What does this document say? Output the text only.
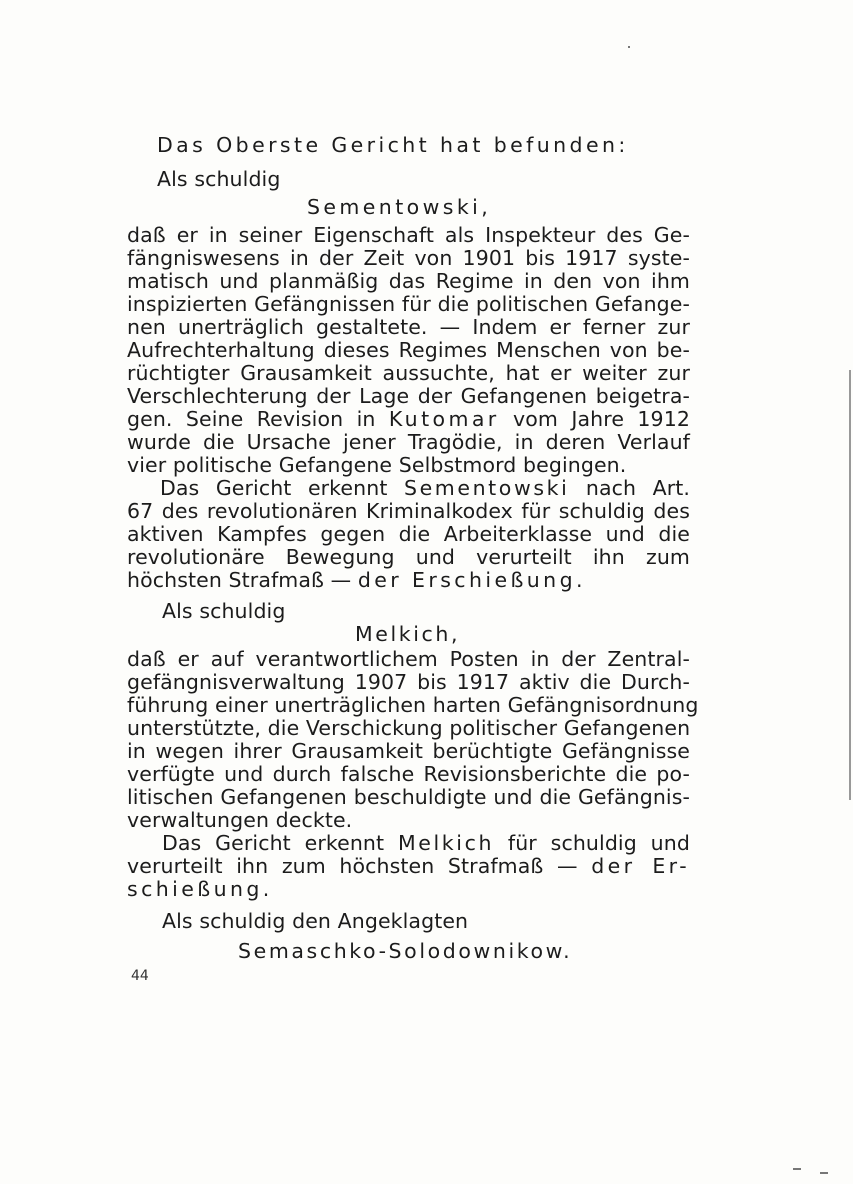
Das Oberste Gericht hat befunden:
Als schuldig
Sementowski,
daß er in seiner Eigenschaft als Inspekteur des Ge-
fängniswesens in der Zeit von 1901 bis 1917 syste-
matisch und planmäßig das Regime in den von ihm
inspizierten Gefängnissen für die politischen Gefange-
nen unerträglich gestaltete. — Indem er ferner zur
Aufrechterhaltung dieses Regimes Menschen von be-
rüchtigter Grausamkeit aussuchte, hat er weiter zur
Verschlechterung der Lage der Gefangenen beigetra-
gen. Seine Revision in Kutomar vom Jahre 1912
wurde die Ursache jener Tragödie, in deren Verlauf
vier politische Gefangene Selbstmord begingen.
Das Gericht erkennt Sementowski nach Art.
67 des revolutionären Kriminalkodex für schuldig des
aktiven Kampfes gegen die Arbeiterklasse und die
revolutionäre Bewegung und verurteilt ihn zum
höchsten Strafmaß — der Erschießung.
Als schuldig
Melkich,
daß er auf verantwortlichem Posten in der Zentral-
gefängnisverwaltung 1907 bis 1917 aktiv die Durch-
führung einer unerträglichen harten Gefängnisordnung
unterstützte, die Verschickung politischer Gefangenen
in wegen ihrer Grausamkeit berüchtigte Gefängnisse
verfügte und durch falsche Revisionsberichte die po-
litischen Gefangenen beschuldigte und die Gefängnis-
verwaltungen deckte.
Das Gericht erkennt Melkich für schuldig und
verurteilt ihn zum höchsten Strafmaß — der Er-
schießung.
Als schuldig den Angeklagten
Semaschko-Solodownikow.
44
